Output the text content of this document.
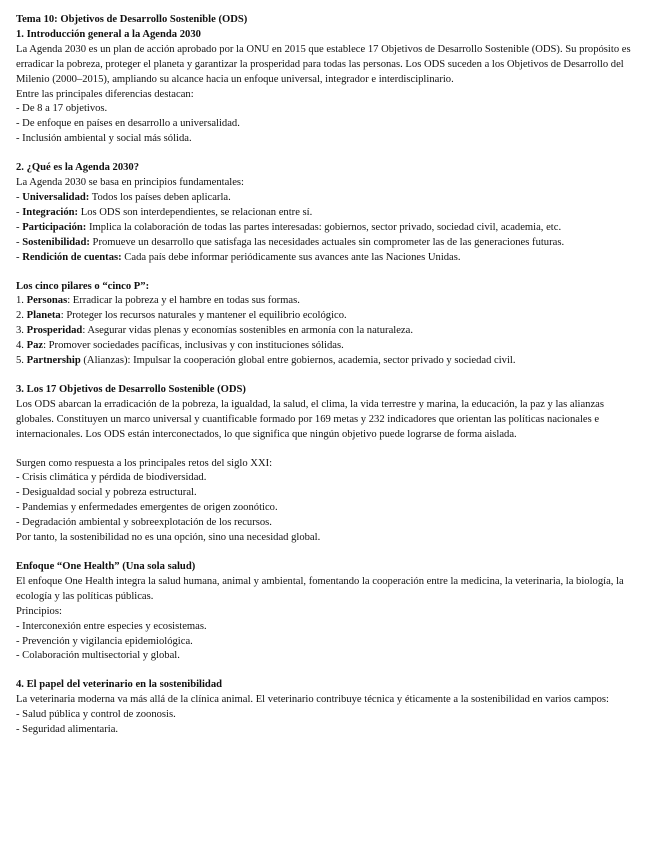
Tema 10: Objetivos de Desarrollo Sostenible (ODS)

1. Introducción general a la Agenda 2030

La Agenda 2030 es un plan de acción aprobado por la ONU en 2015 que establece 17 Objetivos de Desarrollo Sostenible (ODS). Su propósito es erradicar la pobreza, proteger el planeta y garantizar la prosperidad para todas las personas. Los ODS suceden a los Objetivos de Desarrollo del Milenio (2000–2015), ampliando su alcance hacia un enfoque universal, integrador e interdisciplinario.

Entre las principales diferencias destacan:

- De 8 a 17 objetivos.

- De enfoque en países en desarrollo a universalidad.

- Inclusión ambiental y social más sólida.

2. ¿Qué es la Agenda 2030?

La Agenda 2030 se basa en principios fundamentales:

- Universalidad: Todos los países deben aplicarla.

- Integración: Los ODS son interdependientes, se relacionan entre sí.

- Participación: Implica la colaboración de todas las partes interesadas: gobiernos, sector privado, sociedad civil, academia, etc.

- Sostenibilidad: Promueve un desarrollo que satisfaga las necesidades actuales sin comprometer las de las generaciones futuras.

- Rendición de cuentas: Cada país debe informar periódicamente sus avances ante las Naciones Unidas.

Los cinco pilares o “cinco P”:

1. Personas: Erradicar la pobreza y el hambre en todas sus formas.

2. Planeta: Proteger los recursos naturales y mantener el equilibrio ecológico.

3. Prosperidad: Asegurar vidas plenas y economías sostenibles en armonía con la naturaleza.

4. Paz: Promover sociedades pacíficas, inclusivas y con instituciones sólidas.

5. Partnership (Alianzas): Impulsar la cooperación global entre gobiernos, academia, sector privado y sociedad civil.

3. Los 17 Objetivos de Desarrollo Sostenible (ODS)

Los ODS abarcan la erradicación de la pobreza, la igualdad, la salud, el clima, la vida terrestre y marina, la educación, la paz y las alianzas globales. Constituyen un marco universal y cuantificable formado por 169 metas y 232 indicadores que orientan las políticas nacionales e internacionales. Los ODS están interconectados, lo que significa que ningún objetivo puede lograrse de forma aislada.

Surgen como respuesta a los principales retos del siglo XXI:

- Crisis climática y pérdida de biodiversidad.

- Desigualdad social y pobreza estructural.

- Pandemias y enfermedades emergentes de origen zoonótico.

- Degradación ambiental y sobreexplotación de los recursos.

Por tanto, la sostenibilidad no es una opción, sino una necesidad global.

Enfoque “One Health” (Una sola salud)

El enfoque One Health integra la salud humana, animal y ambiental, fomentando la cooperación entre la medicina, la veterinaria, la biología, la ecología y las políticas públicas.

Principios:

- Interconexión entre especies y ecosistemas.

- Prevención y vigilancia epidemiológica.

- Colaboración multisectorial y global.

4. El papel del veterinario en la sostenibilidad

La veterinaria moderna va más allá de la clínica animal. El veterinario contribuye técnica y éticamente a la sostenibilidad en varios campos:

- Salud pública y control de zoonosis.

- Seguridad alimentaria.
